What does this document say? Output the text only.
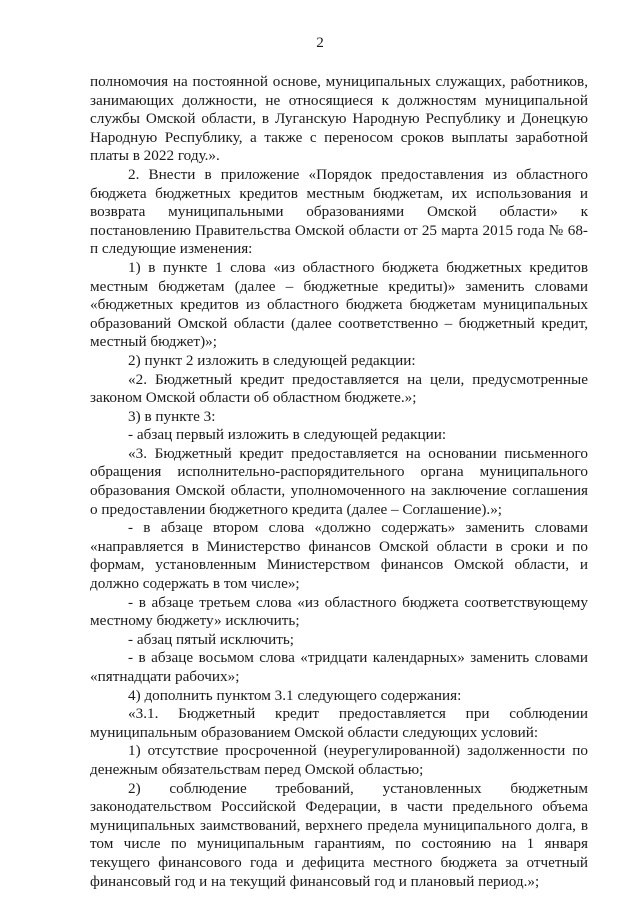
2

полномочия на постоянной основе, муниципальных служащих, работников, занимающих должности, не относящиеся к должностям муниципальной службы Омской области, в Луганскую Народную Республику и Донецкую Народную Республику, а также с переносом сроков выплаты заработной платы в 2022 году.».

2. Внести в приложение «Порядок предоставления из областного бюджета бюджетных кредитов местным бюджетам, их использования и возврата муниципальными образованиями Омской области» к постановлению Правительства Омской области от 25 марта 2015 года № 68-п следующие изменения:

1) в пункте 1 слова «из областного бюджета бюджетных кредитов местным бюджетам (далее – бюджетные кредиты)» заменить словами «бюджетных кредитов из областного бюджета бюджетам муниципальных образований Омской области (далее соответственно – бюджетный кредит, местный бюджет)»;

2) пункт 2 изложить в следующей редакции:

«2. Бюджетный кредит предоставляется на цели, предусмотренные законом Омской области об областном бюджете.»;

3) в пункте 3:

- абзац первый изложить в следующей редакции:

«3. Бюджетный кредит предоставляется на основании письменного обращения исполнительно-распорядительного органа муниципального образования Омской области, уполномоченного на заключение соглашения о предоставлении бюджетного кредита (далее – Соглашение).»;

- в абзаце втором слова «должно содержать» заменить словами «направляется в Министерство финансов Омской области в сроки и по формам, установленным Министерством финансов Омской области, и должно содержать в том числе»;

- в абзаце третьем слова «из областного бюджета соответствующему местному бюджету» исключить;

- абзац пятый исключить;

- в абзаце восьмом слова «тридцати календарных» заменить словами «пятнадцати рабочих»;

4) дополнить пунктом 3.1 следующего содержания:

«3.1. Бюджетный кредит предоставляется при соблюдении муниципальным образованием Омской области следующих условий:

1) отсутствие просроченной (неурегулированной) задолженности по денежным обязательствам перед Омской областью;

2) соблюдение требований, установленных бюджетным законодательством Российской Федерации, в части предельного объема муниципальных заимствований, верхнего предела муниципального долга, в том числе по муниципальным гарантиям, по состоянию на 1 января текущего финансового года и дефицита местного бюджета за отчетный финансовый год и на текущий финансовый год и плановый период.»;
